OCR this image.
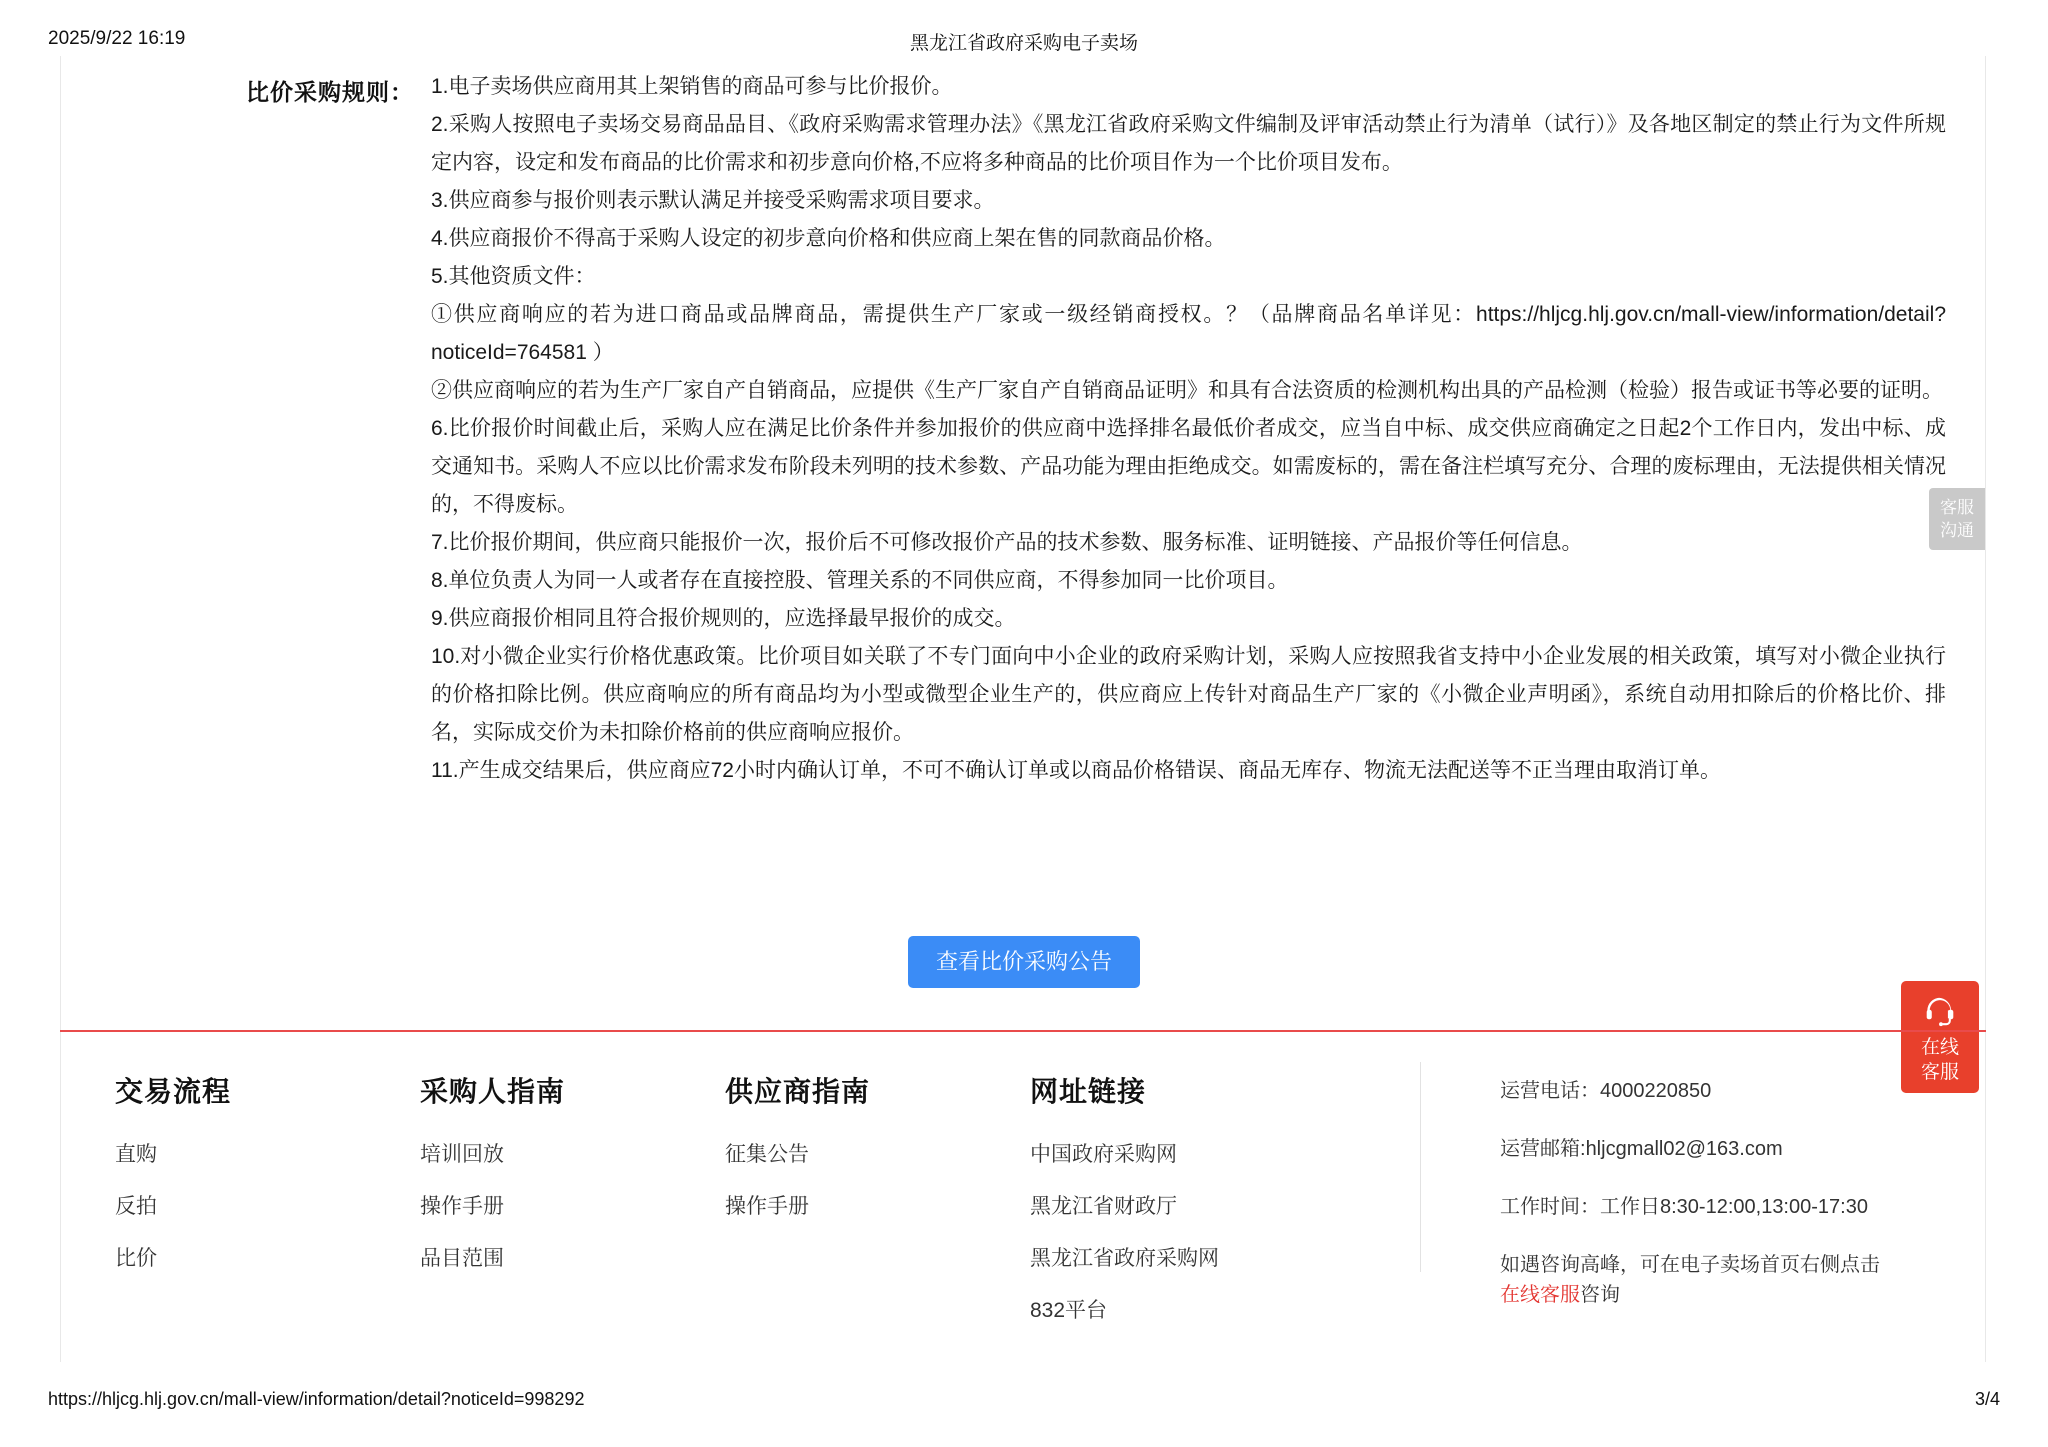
2025/9/22 16:19	黑龙江省政府采购电子卖场
比价采购规则： 1.电子卖场供应商用其上架销售的商品可参与比价报价。

2.采购人按照电子卖场交易商品品目、《政府采购需求管理办法》《黑龙江省政府采购文件编制及评审活动禁止行为清单（试行）》及各地区制定的禁止行为文件所规定内容，设定和发布商品的比价需求和初步意向价格,不应将多种商品的比价项目作为一个比价项目发布。

3.供应商参与报价则表示默认满足并接受采购需求项目要求。

4.供应商报价不得高于采购人设定的初步意向价格和供应商上架在售的同款商品价格。

5.其他资质文件：

①供应商响应的若为进口商品或品牌商品，需提供生产厂家或一级经销商授权。？（品牌商品名单详见：https://hljcg.hlj.gov.cn/mall-view/information/detail?noticeId=764581 ）

②供应商响应的若为生产厂家自产自销商品，应提供《生产厂家自产自销商品证明》和具有合法资质的检测机构出具的产品检测（检验）报告或证书等必要的证明。

6.比价报价时间截止后，采购人应在满足比价条件并参加报价的供应商中选择排名最低价者成交，应当自中标、成交供应商确定之日起2个工作日内，发出中标、成交通知书。采购人不应以比价需求发布阶段未列明的技术参数、产品功能为理由拒绝成交。如需废标的，需在备注栏填写充分、合理的废标理由，无法提供相关情况的，不得废标。

7.比价报价期间，供应商只能报价一次，报价后不可修改报价产品的技术参数、服务标准、证明链接、产品报价等任何信息。

8.单位负责人为同一人或者存在直接控股、管理关系的不同供应商，不得参加同一比价项目。

9.供应商报价相同且符合报价规则的，应选择最早报价的成交。

10.对小微企业实行价格优惠政策。比价项目如关联了不专门面向中小企业的政府采购计划，采购人应按照我省支持中小企业发展的相关政策，填写对小微企业执行的价格扣除比例。供应商响应的所有商品均为小型或微型企业生产的，供应商应上传针对商品生产厂家的《小微企业声明函》，系统自动用扣除后的价格比价、排名，实际成交价为未扣除价格前的供应商响应报价。

11.产生成交结果后，供应商应72小时内确认订单，不可不确认订单或以商品价格错误、商品无库存、物流无法配送等不正当理由取消订单。

查看比价采购公告
客服
沟通
在线
客服
交易流程
直购
反拍
比价
采购人指南
培训回放
操作手册
品目范围
供应商指南
征集公告
操作手册
网址链接
中国政府采购网
黑龙江省财政厅
黑龙江省政府采购网
832平台
运营电话：4000220850
运营邮箱:hljcgmall02@163.com
工作时间：工作日8:30-12:00,13:00-17:30
如遇咨询高峰，可在电子卖场首页右侧点击
在线客服咨询
https://hljcg.hlj.gov.cn/mall-view/information/detail?noticeId=998292	3/4
